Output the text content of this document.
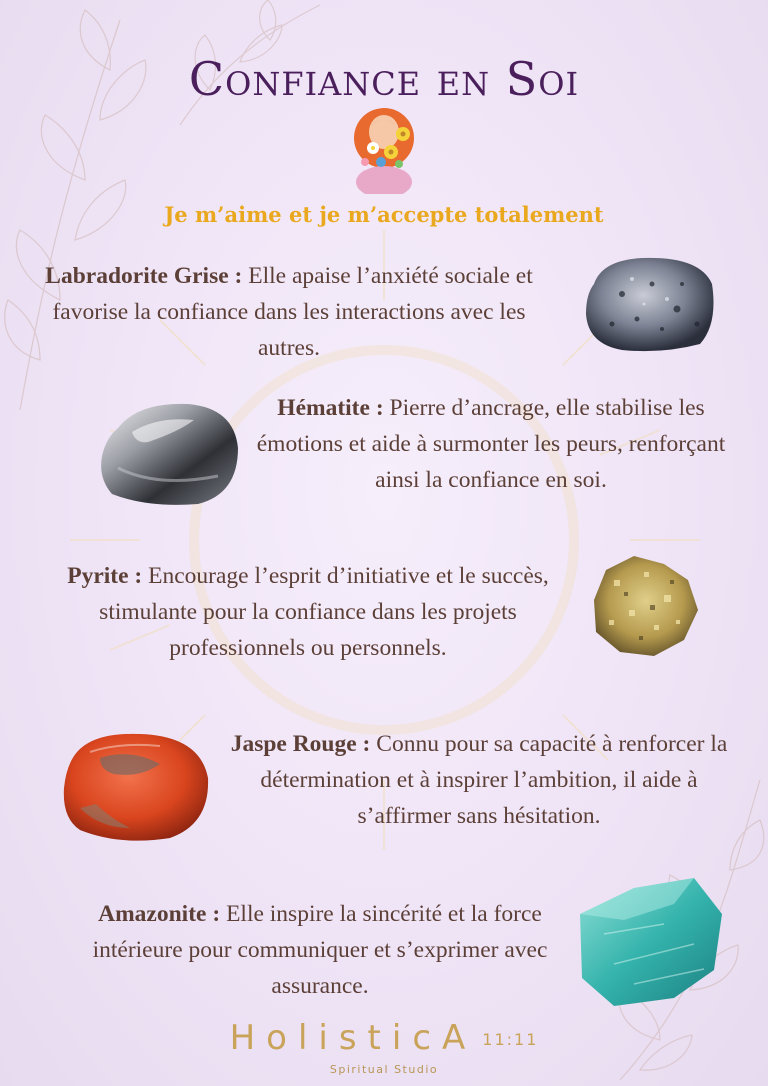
Confiance en Soi
Je m’aime et je m’accepte totalement
Labradorite Grise : Elle apaise l’anxiété sociale et favorise la confiance dans les interactions avec les autres.
Hématite : Pierre d’ancrage, elle stabilise les émotions et aide à surmonter les peurs, renforçant ainsi la confiance en soi.
Pyrite : Encourage l’esprit d’initiative et le succès, stimulante pour la confiance dans les projets professionnels ou personnels.
Jaspe Rouge : Connu pour sa capacité à renforcer la détermination et à inspirer l’ambition, il aide à s’affirmer sans hésitation.
Amazonite : Elle inspire la sincérité et la force intérieure pour communiquer et s’exprimer avec assurance.
HolisticA 11:11
Spiritual Studio
